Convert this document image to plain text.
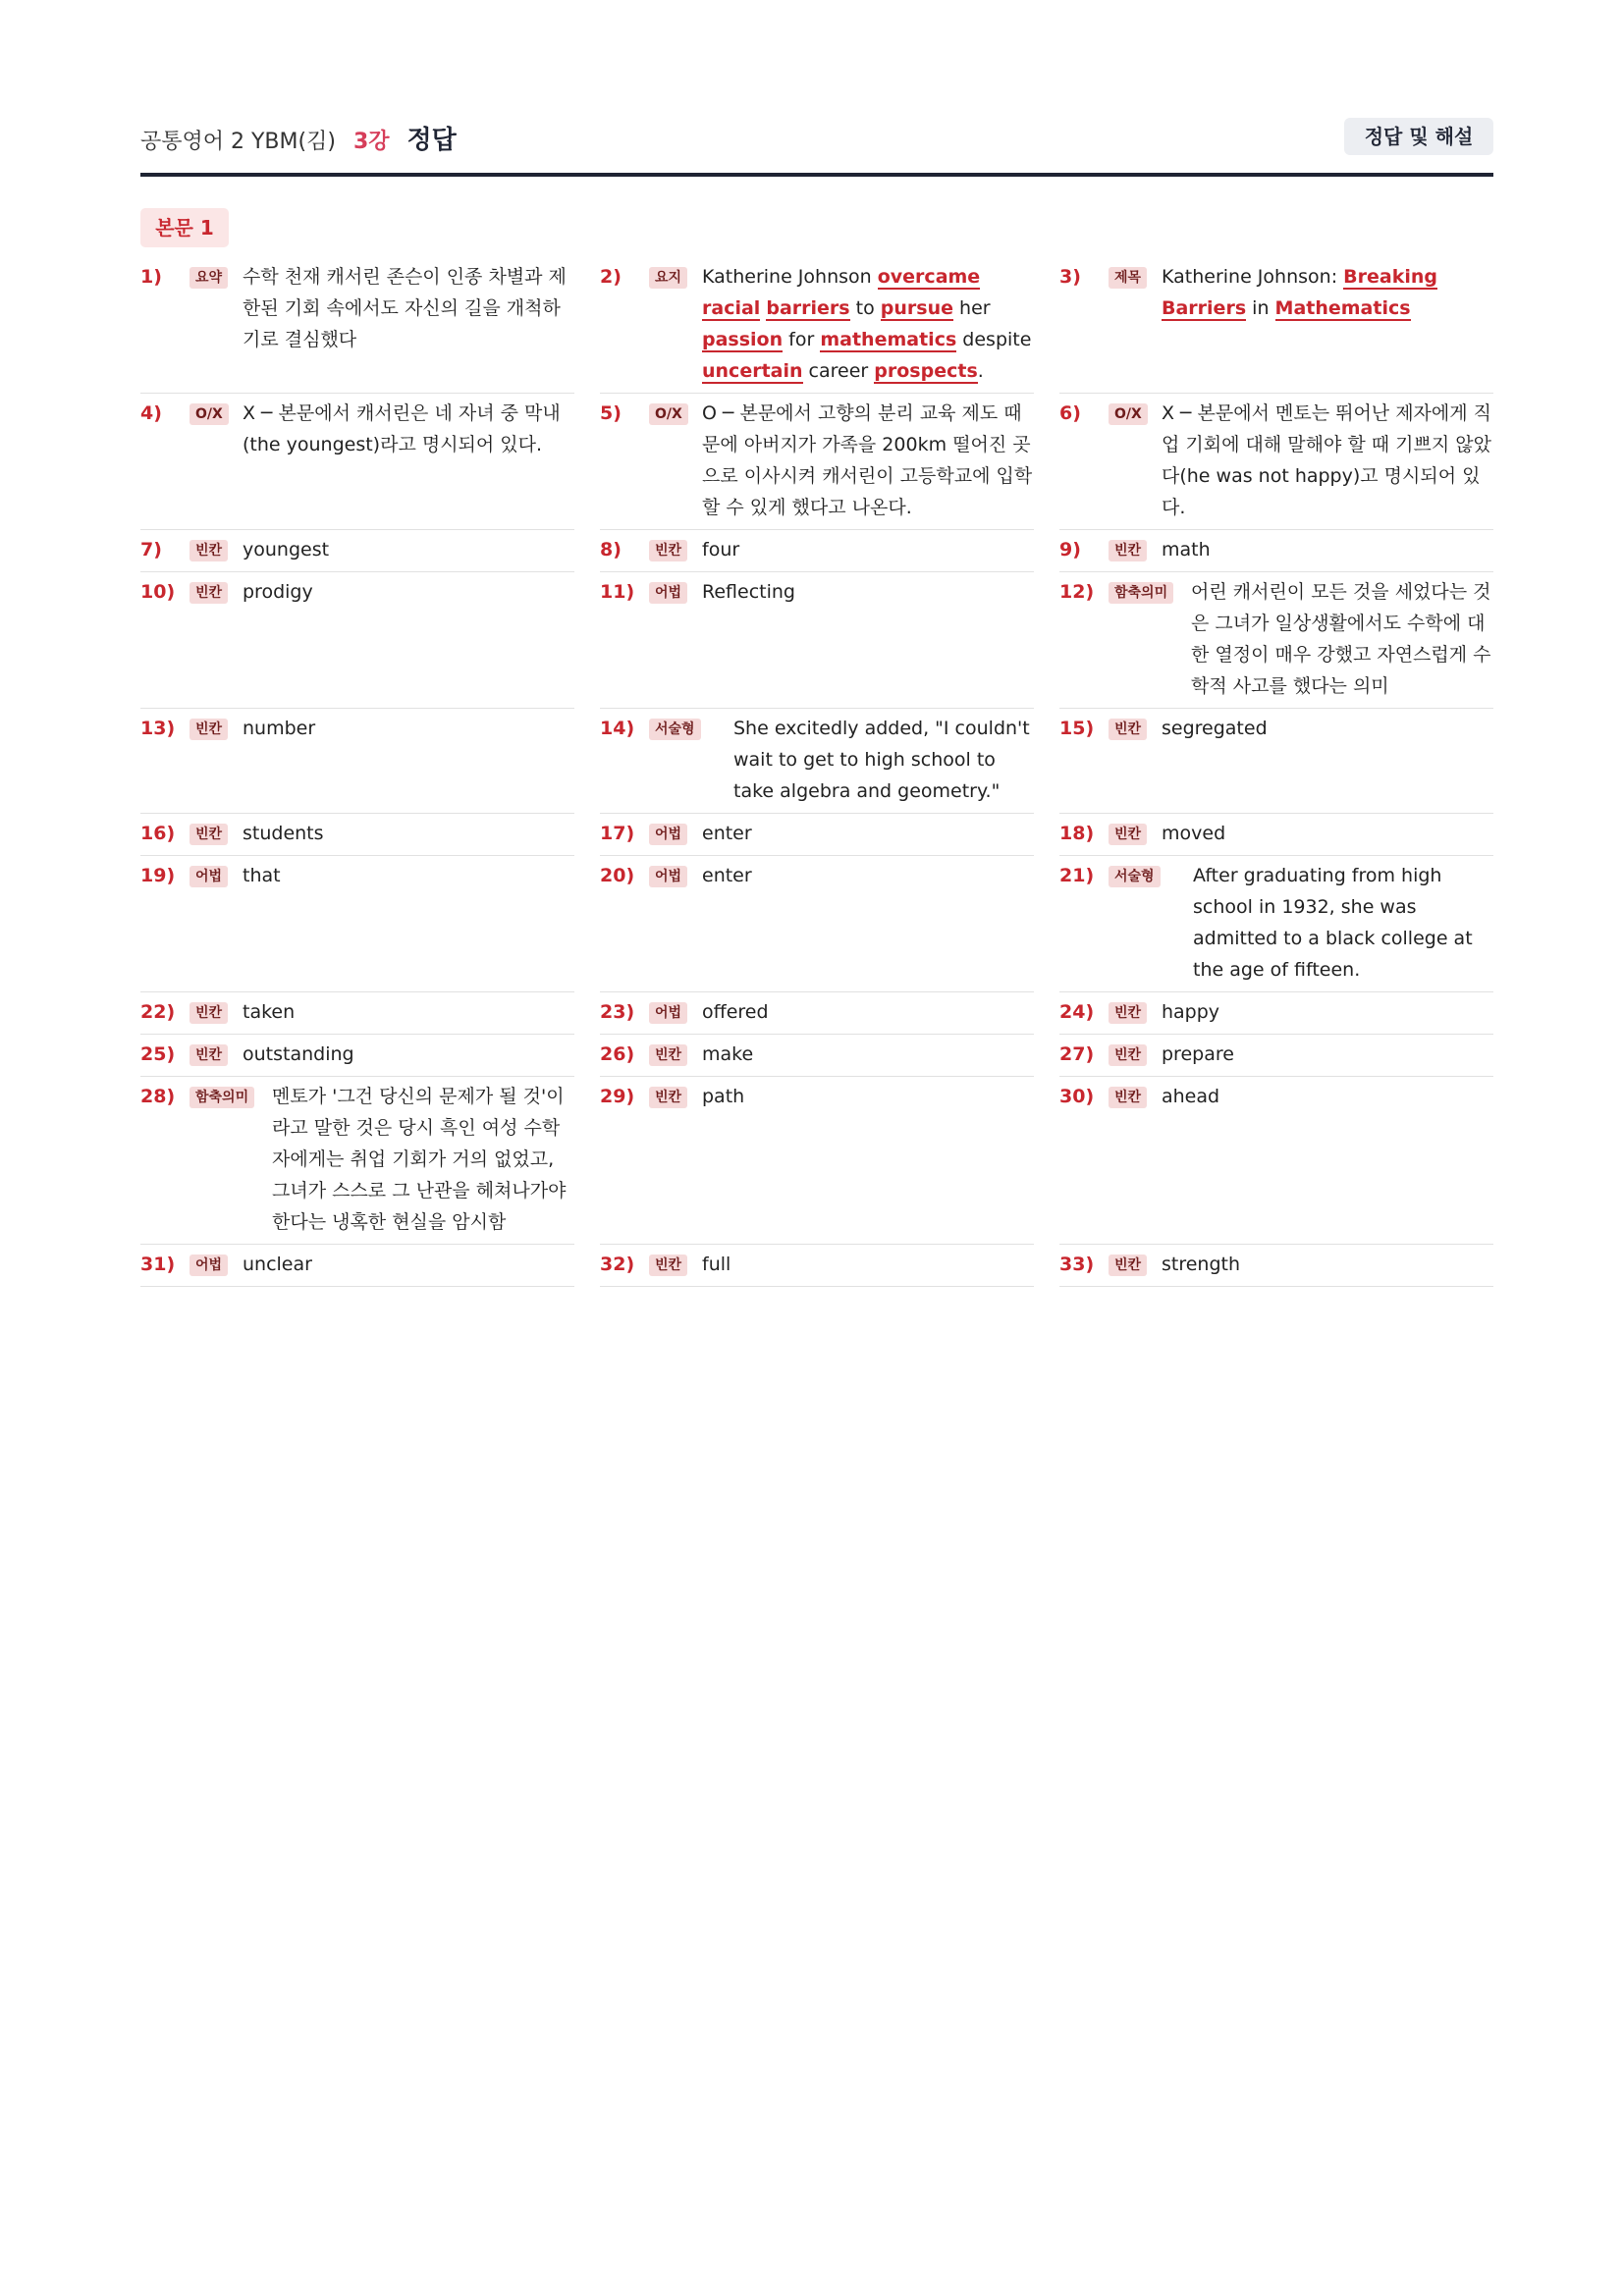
공통영어 2 YBM(김) 3강 정답	정답 및 해설
본문 1
1)	요약	수학 천재 캐서린 존슨이 인종 차별과 제한된 기회 속에서도 자신의 길을 개척하기로 결심했다
2)	요지	Katherine Johnson overcame racial barriers to pursue her passion for mathematics despite uncertain career prospects.
3)	제목	Katherine Johnson: Breaking Barriers in Mathematics
4)	O/X	X ─ 본문에서 캐서린은 네 자녀 중 막내(the youngest)라고 명시되어 있다.
5)	O/X	O ─ 본문에서 고향의 분리 교육 제도 때문에 아버지가 가족을 200km 떨어진 곳으로 이사시켜 캐서린이 고등학교에 입학할 수 있게 했다고 나온다.
6)	O/X	X ─ 본문에서 멘토는 뛰어난 제자에게 직업 기회에 대해 말해야 할 때 기쁘지 않았다(he was not happy)고 명시되어 있다.
7)	빈칸	youngest	8)	빈칸	four	9)	빈칸	math
10)	빈칸	prodigy	11)	어법	Reflecting	12)	함축의미	어린 캐서린이 모든 것을 세었다는 것은 그녀가 일상생활에서도 수학에 대한 열정이 매우 강했고 자연스럽게 수학적 사고를 했다는 의미
13)	빈칸	number	14)	서술형	She excitedly added, "I couldn't wait to get to high school to take algebra and geometry."
15)	빈칸	segregated
16)	빈칸	students	17)	어법	enter	18)	빈칸	moved
19)	어법	that	20)	어법	enter	21)	서술형	After graduating from high school in 1932, she was admitted to a black college at the age of fifteen.
22)	빈칸	taken	23)	어법	offered	24)	빈칸	happy
25)	빈칸	outstanding	26)	빈칸	make	27)	빈칸	prepare
28)	함축의미	멘토가 '그건 당신의 문제가 될 것'이라고 말한 것은 당시 흑인 여성 수학자에게는 취업 기회가 거의 없었고, 그녀가 스스로 그 난관을 헤쳐나가야 한다는 냉혹한 현실을 암시함
29)	빈칸	path	30)	빈칸	ahead
31)	어법	unclear	32)	빈칸	full	33)	빈칸	strength
